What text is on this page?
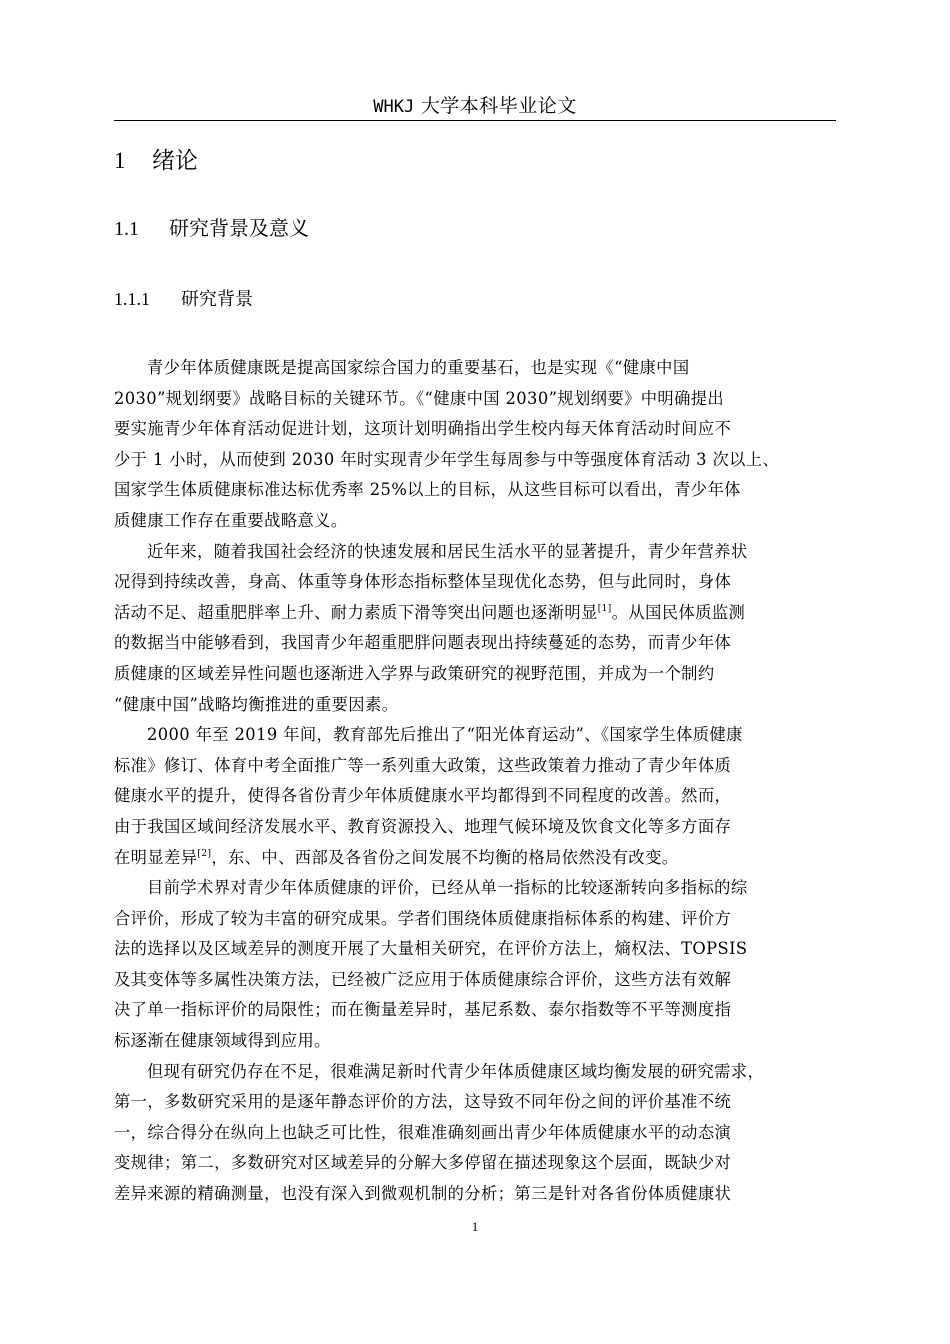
WHKJ 大学本科毕业论文
1 绪论
1.1 研究背景及意义
1.1.1 研究背景
青少年体质健康既是提高国家综合国力的重要基石，也是实现《“健康中国
2030”规划纲要》战略目标的关键环节。《“健康中国 2030”规划纲要》中明确提出
要实施青少年体育活动促进计划，这项计划明确指出学生校内每天体育活动时间应不
少于 1 小时，从而使到 2030 年时实现青少年学生每周参与中等强度体育活动 3 次以上、
国家学生体质健康标准达标优秀率 25%以上的目标，从这些目标可以看出，青少年体
质健康工作存在重要战略意义。
近年来，随着我国社会经济的快速发展和居民生活水平的显著提升，青少年营养状
况得到持续改善，身高、体重等身体形态指标整体呈现优化态势，但与此同时，身体
活动不足、超重肥胖率上升、耐力素质下滑等突出问题也逐渐明显[1]。从国民体质监测
的数据当中能够看到，我国青少年超重肥胖问题表现出持续蔓延的态势，而青少年体
质健康的区域差异性问题也逐渐进入学界与政策研究的视野范围，并成为一个制约
“健康中国”战略均衡推进的重要因素。
2000 年至 2019 年间，教育部先后推出了“阳光体育运动”、《国家学生体质健康
标准》修订、体育中考全面推广等一系列重大政策，这些政策着力推动了青少年体质
健康水平的提升，使得各省份青少年体质健康水平均都得到不同程度的改善。然而，
由于我国区域间经济发展水平、教育资源投入、地理气候环境及饮食文化等多方面存
在明显差异[2]，东、中、西部及各省份之间发展不均衡的格局依然没有改变。
目前学术界对青少年体质健康的评价，已经从单一指标的比较逐渐转向多指标的综
合评价，形成了较为丰富的研究成果。学者们围绕体质健康指标体系的构建、评价方
法的选择以及区域差异的测度开展了大量相关研究，在评价方法上，熵权法、TOPSIS
及其变体等多属性决策方法，已经被广泛应用于体质健康综合评价，这些方法有效解
决了单一指标评价的局限性；而在衡量差异时，基尼系数、泰尔指数等不平等测度指
标逐渐在健康领域得到应用。
但现有研究仍存在不足，很难满足新时代青少年体质健康区域均衡发展的研究需求，
第一，多数研究采用的是逐年静态评价的方法，这导致不同年份之间的评价基准不统
一，综合得分在纵向上也缺乏可比性，很难准确刻画出青少年体质健康水平的动态演
变规律；第二，多数研究对区域差异的分解大多停留在描述现象这个层面，既缺少对
差异来源的精确测量，也没有深入到微观机制的分析；第三是针对各省份体质健康状
1
